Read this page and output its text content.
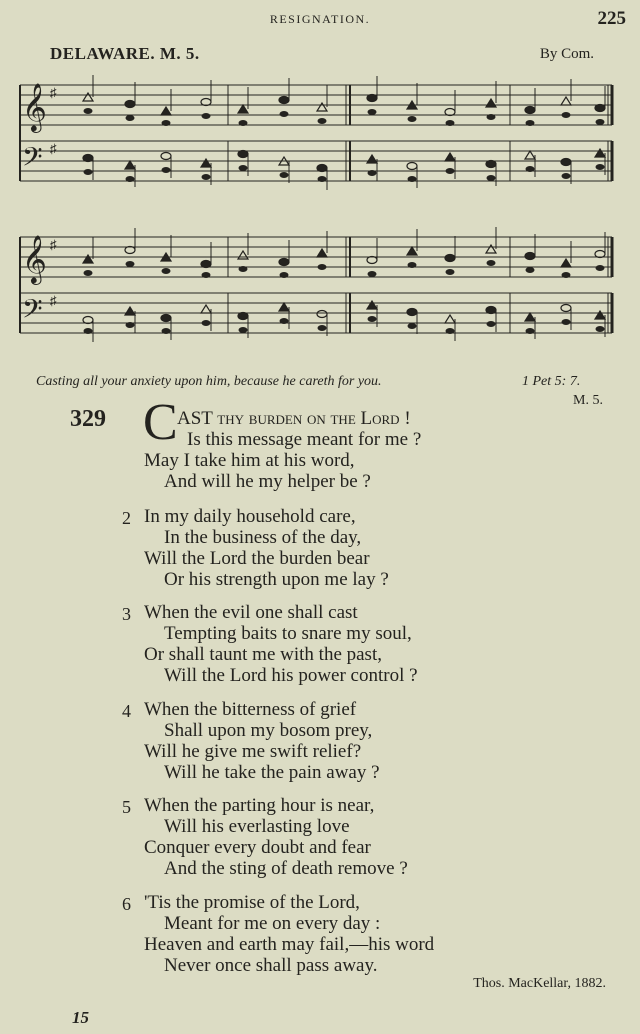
RESIGNATION.	225
DELAWARE. M. 5.	By Com.
𝄞 ♯
𝄢 ♯
𝄞 ♯
𝄢 ♯
Casting all your anxiety upon him, because he careth for you.	1 Pet 5: 7.
M. 5.
329 C AST thy burden on the Lord !
Is this message meant for me ?
May I take him at his word,
And will he my helper be ?
2 In my daily household care,
In the business of the day,
Will the Lord the burden bear
Or his strength upon me lay ?
3 When the evil one shall cast
Tempting baits to snare my soul,
Or shall taunt me with the past,
Will the Lord his power control ?
4 When the bitterness of grief
Shall upon my bosom prey,
Will he give me swift relief?
Will he take the pain away ?
5 When the parting hour is near,
Will his everlasting love
Conquer every doubt and fear
And the sting of death remove ?
6 'Tis the promise of the Lord,
Meant for me on every day :
Heaven and earth may fail,—his word
Never once shall pass away.
Thos. MacKellar, 1882.
15
